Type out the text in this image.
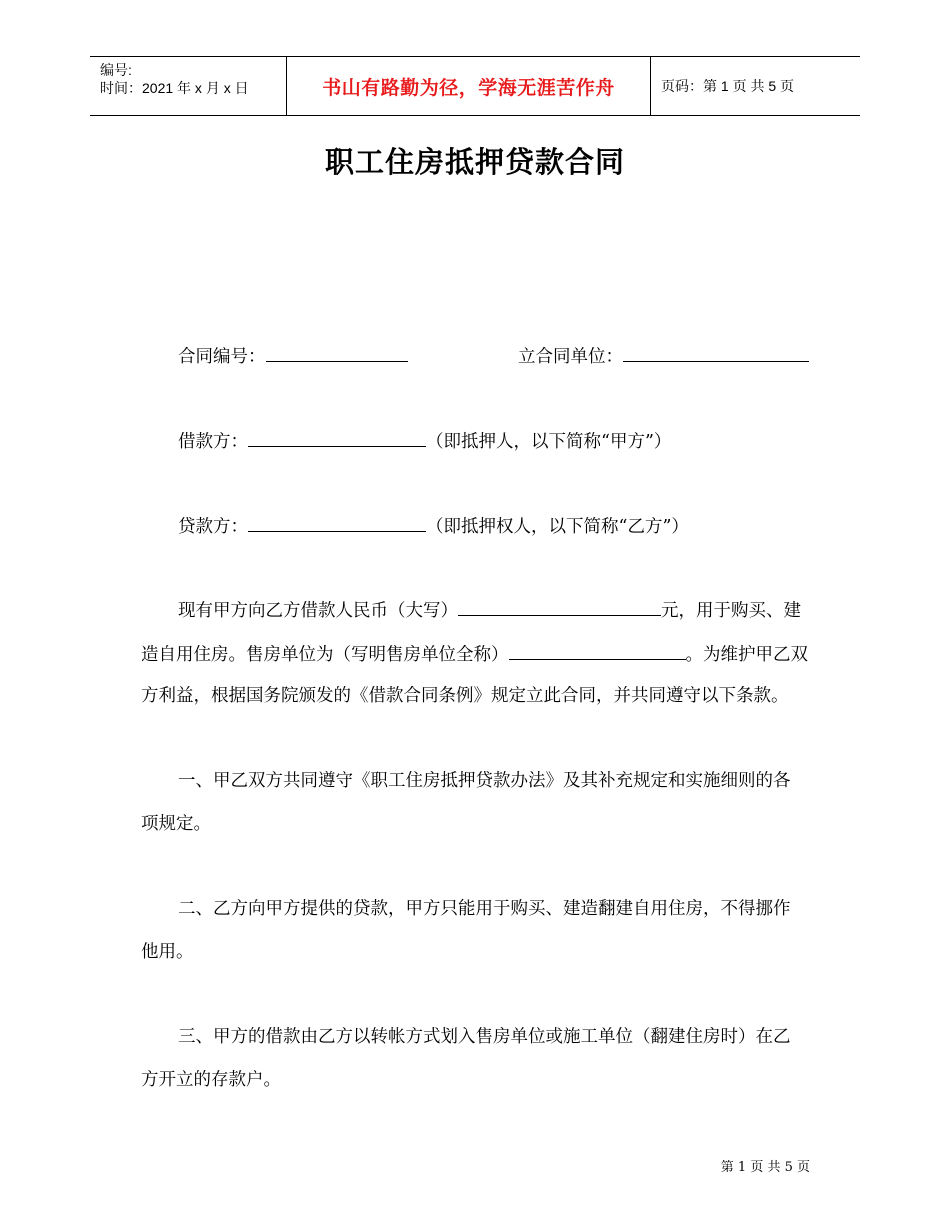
编号:
时间：2021 年 x 月 x 日	书山有路勤为径，学海无涯苦作舟	页码：第 1 页 共 5 页
职工住房抵押贷款合同
合同编号：	立合同单位：
借款方：	（即抵押人，以下简称“甲方”）
贷款方：	（即抵押权人，以下简称“乙方”）
现有甲方向乙方借款人民币（大写）	元，用于购买、建
造自用住房。售房单位为（写明售房单位全称）	。为维护甲乙双
方利益，根据国务院颁发的《借款合同条例》规定立此合同，并共同遵守以下条款。
一、甲乙双方共同遵守《职工住房抵押贷款办法》及其补充规定和实施细则的各
项规定。
二、乙方向甲方提供的贷款，甲方只能用于购买、建造翻建自用住房，不得挪作
他用。
三、甲方的借款由乙方以转帐方式划入售房单位或施工单位（翻建住房时）在乙
方开立的存款户。
第 1 页 共 5 页
